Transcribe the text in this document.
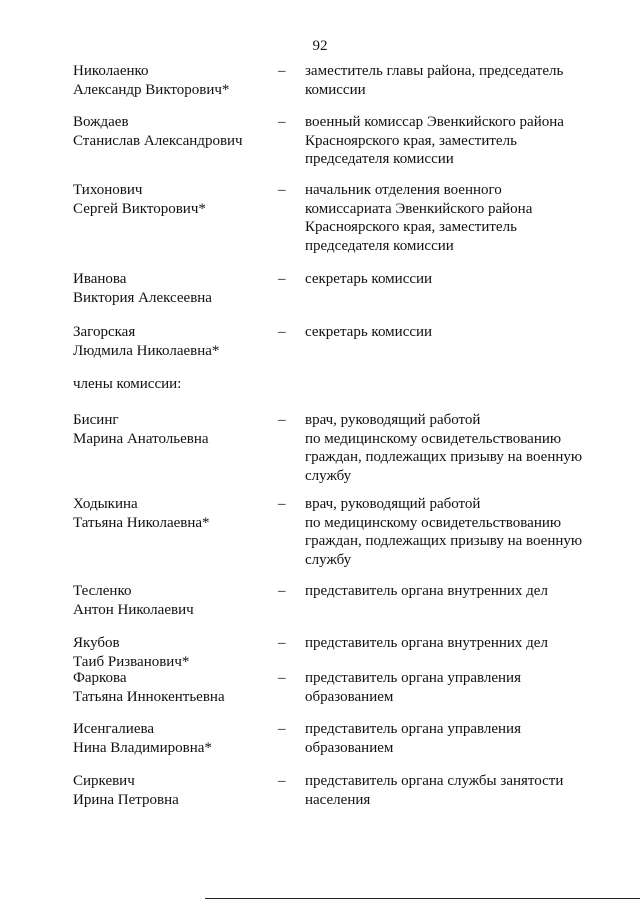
92
Николаенко
Александр Викторович*
– заместитель главы района, председатель
комиссии
Вождаев
Станислав Александрович
– военный комиссар Эвенкийского района
Красноярского края, заместитель
председателя комиссии
Тихонович
Сергей Викторович*
– начальник отделения военного
комиссариата Эвенкийского района
Красноярского края, заместитель
председателя комиссии
Иванова
Виктория Алексеевна
– секретарь комиссии
Загорская
Людмила Николаевна*
– секретарь комиссии
члены комиссии:
Бисинг
Марина Анатольевна
– врач, руководящий работой
по медицинскому освидетельствованию
граждан, подлежащих призыву на военную
службу
Ходыкина
Татьяна Николаевна*
– врач, руководящий работой
по медицинскому освидетельствованию
граждан, подлежащих призыву на военную
службу
Тесленко
Антон Николаевич
– представитель органа внутренних дел
Якубов
Таиб Ризванович*
– представитель органа внутренних дел
Фаркова
Татьяна Иннокентьевна
– представитель органа управления
образованием
Исенгалиева
Нина Владимировна*
– представитель органа управления
образованием
Сиркевич
Ирина Петровна
– представитель органа службы занятости
населения
